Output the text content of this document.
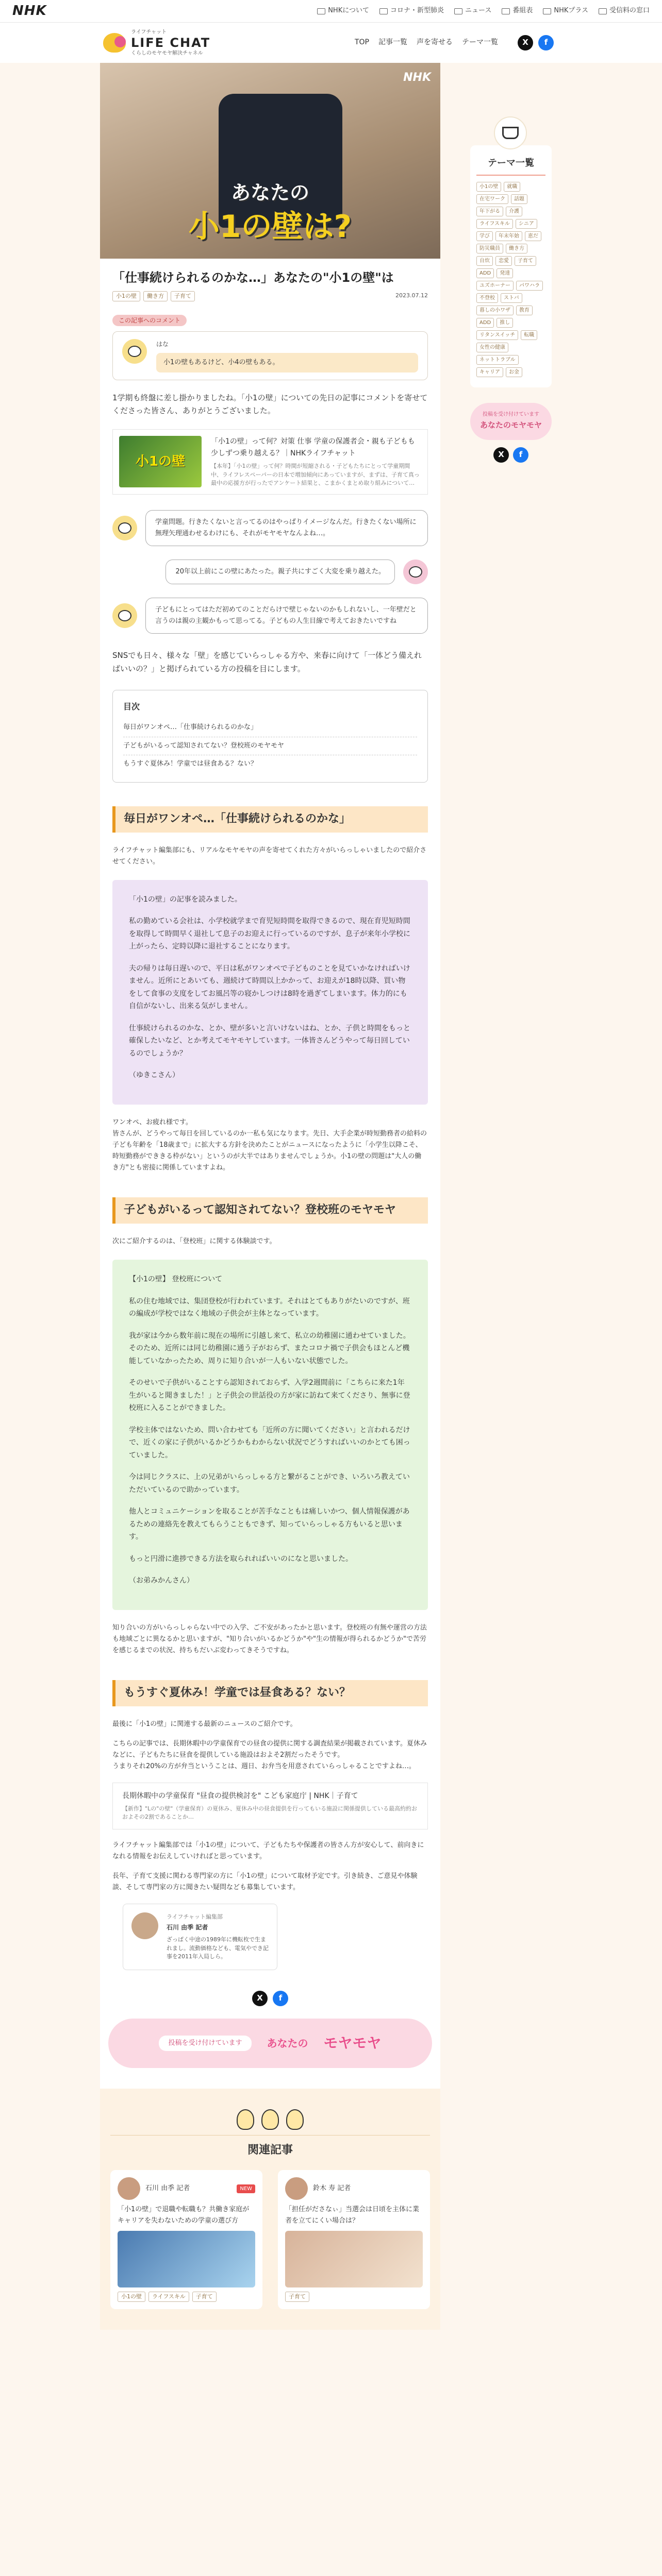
NHK	NHKについて	コロナ・新型肺炎	ニュース	番組表	NHKプラス	受信料の窓口
ライフチャット
LIFE CHAT
くらしのモヤモヤ解決チャネル
TOP 記事一覧 声を寄せる テーマ一覧	X	f
NHK
あなたの
小1の壁は?
「仕事続けられるのかな…」あなたの"小1の壁"は
小1の壁	働き方	子育て	2023.07.12
この記事へのコメント
はな
小1の壁もあるけど、小4の壁もある。

1学期も終盤に差し掛かりましたね。「小1の壁」についての先日の記事にコメントを寄せてくださった皆さん、ありがとうございました。

小1の壁
「小1の壁」って何？対策 仕事 学童の保護者会・親も子どもも少しずつ乗り越える？｜NHKライフチャット
【本年】「小1の壁」って何？時間が短縮される・子どもたちにとって学童期間中、ライフレスペーパーの日本で増加傾向にあっていますが、まずは、子育て真っ最中の応援方が行ったでアンケート結果と、こまかくまとめ取り組みについて…
学童問題。行きたくないと言ってるのはやっぱりイメージなんだ。行きたくない場所に無理矢理通わせるわけにも、それがモヤモヤなんよね…。
20年以上前にこの壁にあたった。親子共にすごく大変を乗り越えた。
子どもにとってはただ初めてのことだらけで壁じゃないのかもしれないし、一年壁だと言うのは親の主観かもって思ってる。子どもの人生目線で考えておきたいですね

SNSでも日々、様々な「壁」を感じていらっしゃる方や、来春に向けて「一体どう備えればいいの？」と掲げられている方の投稿を目にします。

目次
毎日がワンオペ…「仕事続けられるのかな」
子どもがいるって認知されてない？登校班のモヤモヤ
もうすぐ夏休み！学童では昼食ある？ない？
毎日がワンオペ…「仕事続けられるのかな」

ライフチャット編集部にも、リアルなモヤモヤの声を寄せてくれた方々がいらっしゃいましたので紹介させてください。

「小1の壁」の記事を読みました。

私の勤めている会社は、小学校就学まで育児短時間を取得できるので、現在育児短時間を取得して時間早く退社して息子のお迎えに行っているのですが、息子が来年小学校に上がったら、定時以降に退社することになります。

夫の帰りは毎日遅いので、平日は私がワンオペで子どものことを見ていかなければいけません。近所にとあいても、週続けて時間以上かかって、お迎えが18時以降、買い物をして食事の支度をしてお風呂等の寝かしつけは8時を過ぎてしまいます。体力的にも自信がないし、出来る気がしません。

仕事続けられるのかな、とか、壁が多いと言いけないはね、とか、子供と時間をもっと確保したいなど、とか考えてモヤモヤしています。一体皆さんどうやって毎日回しているのでしょうか？

（ゆきこさん）

ワンオペ、お疲れ様です。

皆さんが、どうやって毎日を回しているのか一私も気になります。先日、大手企業が時短勤務者の給料の子ども年齢を「18歳まで」に拡大する方針を決めたことがニュースになったように「小学生以降こそ、時短勤務ができきる枠がない」というのが大半ではありませんでしょうか。小1の壁の問題は"大人の働き方"とも密接に関係していますよね。

子どもがいるって認知されてない？登校班のモヤモヤ

次にご紹介するのは、「登校班」に関する体験談です。

【小1の壁】 登校班について

私の住む地域では、集団登校が行われています。それはとてもありがたいのですが、班の編成が学校ではなく地域の子供会が主体となっています。

我が家は今から数年前に現在の場所に引越し来て、私立の幼稚園に通わせていました。そのため、近所には同じ幼稚園に通う子がおらず、またコロナ禍で子供会もほとんど機能していなかったため、周りに知り合いが一人もいない状態でした。

そのせいで子供がいることすら認知されておらず、入学2週間前に「こちらに来た1年生がいると聞きました！」と子供会の世話役の方が家に訪ねて来てくださり、無事に登校班に入ることができました。

学校主体ではないため、問い合わせても「近所の方に聞いてください」と言われるだけで、近くの家に子供がいるかどうかもわからない状況でどうすればいいのかとても困っていました。

今は同じクラスに、上の兄弟がいらっしゃる方と繋がることができ、いろいろ教えていただいているので助かっています。

他人とコミュニケーションを取ることが苦手なこともは痛しいかつ、個人情報保護があるための連絡先を教えてもらうこともできず、知っていらっしゃる方もいると思います。

もっと円滑に進捗できる方法を取られればいいのになと思いました。

（お弟みかんさん）

知り合いの方がいらっしゃらない中での入学、ご不安があったかと思います。登校班の有無や運営の方法も地域ごとに異なるかと思いますが、"知り合いがいるかどうか"や"生の情報が得られるかどうか"で苦労を感じるまでの状況、持ちもだいぶ変わってきそうですね。

もうすぐ夏休み！学童では昼食ある？ない？

最後に「小1の壁」に関連する最新のニュースのご紹介です。

こちらの記事では、長期休暇中の学童保育での昼食の提供に関する調査結果が掲載されています。夏休みなどに、子どもたちに昼食を提供している施設はおよそ2割だったそうです。
うまりそれ20%の方が弁当ということは、週日、お弁当を用意されていらっしゃることですよね…。

長期休暇中の学童保育 "昼食の提供検討を" こども家庭庁 | NHK｜子育て
【新作】"Lの"の壁"（学童保育）の夏休み、夏休み中の昼食提供を行ってもいる施設に関係提供している最高約約おおよその2割であることか…

ライフチャット編集部では「小1の壁」について、子どもたちや保護者の皆さん方が安心して、前向きになれる情報をお伝えしていければと思っています。

長年、子育て支援に関わる専門家の方に「小1の壁」について取材予定です。引き続き、ご意見や体験談、そして専門家の方に聞きたい疑問なども募集しています。

ライフチャット編集部
石川 由季 記者
ざっぱく中途の1989年に機転枚で生まれまし。流動価格なども、電気やでき記事を2011年入局しら。
X	f
投稿を受け付けています	あなたの モヤモヤ
関連記事
石川 由季 記者	NEW
「小1の壁」で退職や転職も？共働き家庭がキャリアを失わないための学童の選び方
小1の壁	ライフスキル	子育て
鈴木 寿 記者
「担任がださなぃ」当選会は日頃を主体に業者を立てにくい場合は？
子育て
テーマ一覧
小1の壁	就職
在宅ワーク	話題
年下がる	介護
ライフスキル	シニア
学び	年末年始	恵だ
防災職員	働き方
自炊	恋愛	子育て
ADD	発達
ユズホーナー	パワハラ
不登校	ストバ
暮しの小ワザ	教育
ADD	推し
リタンスイッチ	転職
女性の健康
ネットトラブル
キャリア	お金
投稿を受け付けています
あなたのモヤモヤ
X	f
